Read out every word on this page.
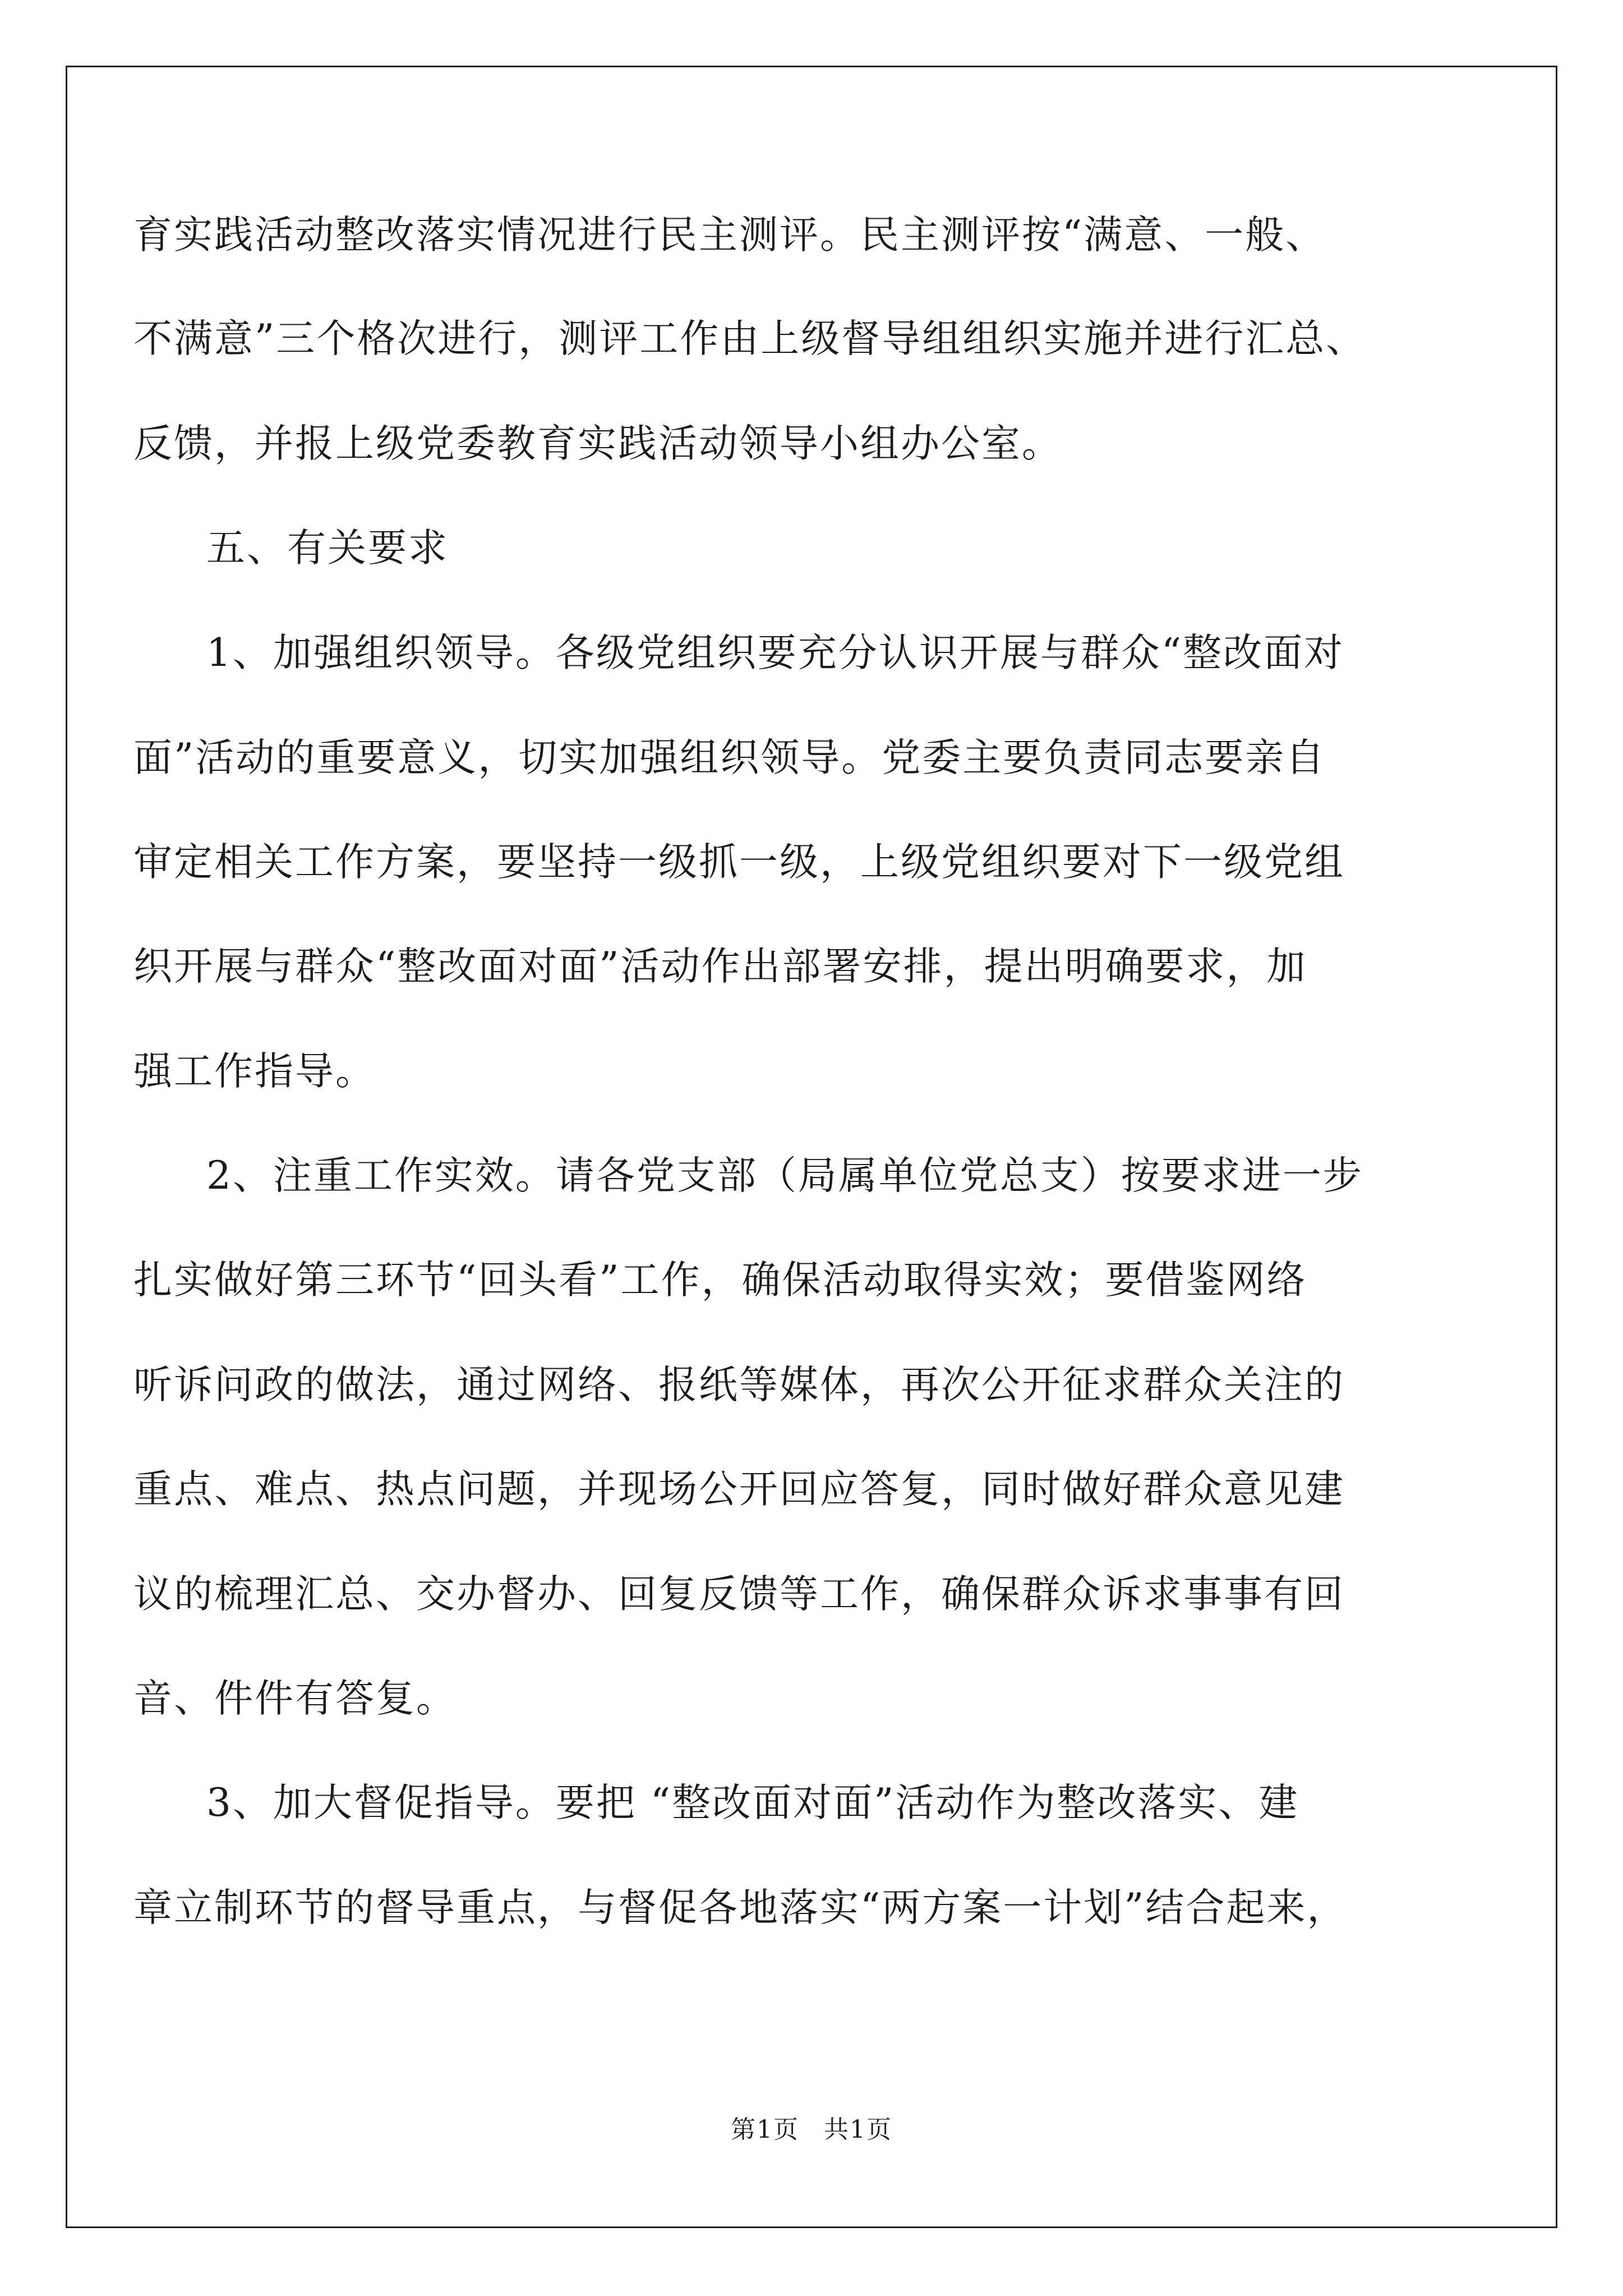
育实践活动整改落实情况进行民主测评。民主测评按“满意、一般、
不满意”三个格次进行，测评工作由上级督导组组织实施并进行汇总、
反馈，并报上级党委教育实践活动领导小组办公室。
五、有关要求
1、加强组织领导。各级党组织要充分认识开展与群众“整改面对
面”活动的重要意义，切实加强组织领导。党委主要负责同志要亲自
审定相关工作方案，要坚持一级抓一级，上级党组织要对下一级党组
织开展与群众“整改面对面”活动作出部署安排，提出明确要求，加
强工作指导。
2、注重工作实效。请各党支部（局属单位党总支）按要求进一步
扎实做好第三环节“回头看”工作，确保活动取得实效；要借鉴网络
听诉问政的做法，通过网络、报纸等媒体，再次公开征求群众关注的
重点、难点、热点问题，并现场公开回应答复，同时做好群众意见建
议的梳理汇总、交办督办、回复反馈等工作，确保群众诉求事事有回
音、件件有答复。
3、加大督促指导。要把 “整改面对面”活动作为整改落实、建
章立制环节的督导重点，与督促各地落实“两方案一计划”结合起来，
第1页 共1页
